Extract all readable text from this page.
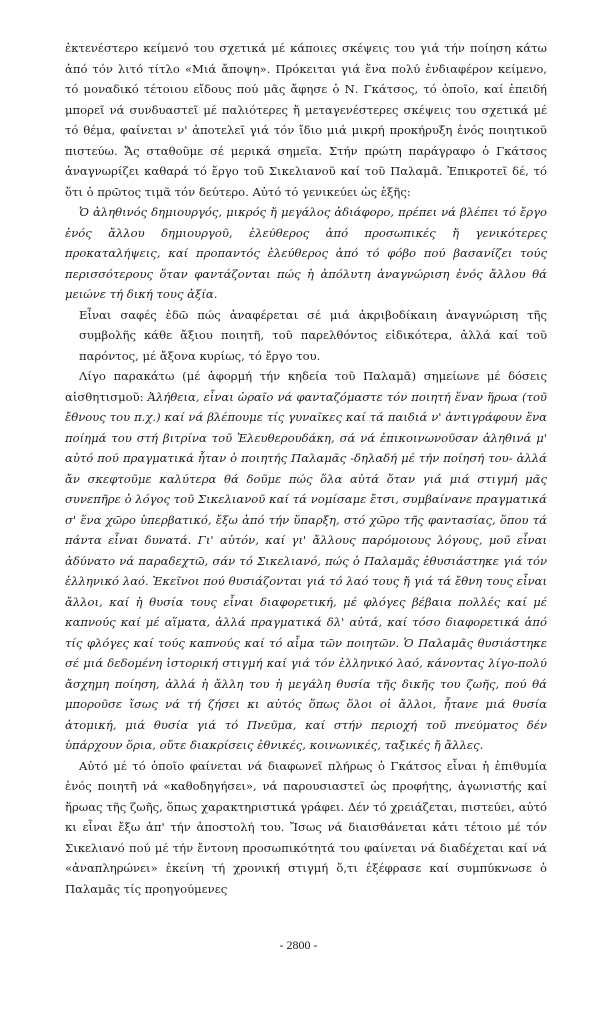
ἐκτενέστερο κείμενό του σχετικά μέ κάποιες σκέψεις του γιά τήν ποίηση κάτω ἀπό τόν λιτό τίτλο «Μιά ἄποψη». Πρόκειται γιά ἕνα πολύ ἐνδιαφέρον κείμενο, τό μοναδικό τέτοιου εἴδους πού μᾶς ἄφησε ὁ Ν. Γκάτσος, τό ὁποῖο, καί ἐπειδή μπορεῖ νά συνδυαστεῖ μέ παλιότερες ἤ μεταγενέστερες σκέψεις του σχετικά μέ τό θέμα, φαίνεται ν' ἀποτελεῖ γιά τόν ἴδιο μιά μικρή προκήρυξη ἑνός ποιητικοῦ πιστεύω. Ἄς σταθοῦμε σέ μερικά σημεῖα. Στήν πρώτη παράγραφο ὁ Γκάτσος ἀναγνωρίζει καθαρά τό ἔργο τοῦ Σικελιανοῦ καί τοῦ Παλαμᾶ. Ἐπικροτεῖ δέ, τό ὅτι ὁ πρῶτος τιμᾶ τόν δεύτερο. Αὐτό τό γενικεύει ὡς ἑξῆς:

Ὁ ἀληθινός δημιουργός, μικρός ἤ μεγάλος ἀδιάφορο, πρέπει νά βλέπει τό ἔργο ἑνός ἄλλου δημιουργοῦ, ἐλεύθερος ἀπό προσωπικές ἤ γενικότερες προκαταλήψεις, καί προπαντός ἐλεύθερος ἀπό τό φόβο πού βασανίζει τούς περισσότερους ὅταν φαντάζονται πώς ἡ ἀπόλυτη ἀναγνώριση ἑνός ἄλλου θά μειώνε τή δική τους ἀξία.

Εἶναι σαφές ἐδῶ πώς ἀναφέρεται σέ μιά ἀκριβοδίκαιη ἀναγνώριση τῆς συμβολῆς κάθε ἄξιου ποιητῆ, τοῦ παρελθόντος εἰδικότερα, ἀλλά καί τοῦ παρόντος, μέ ἄξονα κυρίως, τό ἔργο του.

Λίγο παρακάτω (μέ ἀφορμή τήν κηδεία τοῦ Παλαμᾶ) σημείωνε μέ δόσεις αἰσθητισμοῦ: Ἀλήθεια, εἶναι ὡραῖο νά φανταζόμαστε τόν ποιητή ἕναν ἥρωα (τοῦ ἔθνους του π.χ.) καί νά βλέπουμε τίς γυναῖκες καί τά παιδιά ν' ἀντιγράφουν ἕνα ποίημά του στή βιτρίνα τοῦ Ἐλευθερουδάκη, σά νά ἐπικοινωνοῦσαν ἀληθινά μ' αὐτό πού πραγματικά ἦταν ὁ ποιητής Παλαμᾶς -δηλαδή μέ τήν ποίησή του- ἀλλά ἄν σκεφτοῦμε καλύτερα θά δοῦμε πώς ὅλα αὐτά ὅταν γιά μιά στιγμή μᾶς συνεπῆρε ὁ λόγος τοῦ Σικελιανοῦ καί τά νομίσαμε ἔτσι, συμβαίνανε πραγματικά σ' ἕνα χῶρο ὑπερβατικό, ἔξω ἀπό τήν ὕπαρξη, στό χῶρο τῆς φαντασίας, ὅπου τά πάντα εἶναι δυνατά. Γι' αὐτόν, καί γι' ἄλλους παρόμοιους λόγους, μοῦ εἶναι ἀδύνατο νά παραδεχτῶ, σάν τό Σικελιανό, πώς ὁ Παλαμᾶς ἐθυσιάστηκε γιά τόν ἑλληνικό λαό. Ἐκεῖνοι πού θυσιάζονται γιά τό λαό τους ἤ γιά τά ἔθνη τους εἶναι ἄλλοι, καί ἡ θυσία τους εἶναι διαφορετική, μέ φλόγες βέβαια πολλές καί μέ καπνούς καί μέ αἵματα, ἀλλά πραγματικά δλ' αὐτά, καί τόσο διαφορετικά ἀπό τίς φλόγες καί τούς καπνούς καί τό αἷμα τῶν ποιητῶν. Ὁ Παλαμᾶς θυσιάστηκε σέ μιά δεδομένη ἱστορική στιγμή καί γιά τόν ἑλληνικό λαό, κάνοντας λίγο-πολύ ἄσχημη ποίηση, ἀλλά ἡ ἄλλη του ἡ μεγάλη θυσία τῆς δικῆς του ζωῆς, πού θά μποροῦσε ἴσως νά τή ζήσει κι αὐτός ὅπως ὅλοι οἱ ἄλλοι, ἦτανε μιά θυσία ἀτομική, μιά θυσία γιά τό Πνεῦμα, καί στήν περιοχή τοῦ πνεύματος δέν ὑπάρχουν ὅρια, οὔτε διακρίσεις ἐθνικές, κοινωνικές, ταξικές ἤ ἄλλες.

Αὐτό μέ τό ὁποῖο φαίνεται νά διαφωνεῖ πλήρως ὁ Γκάτσος εἶναι ἡ ἐπιθυμία ἑνός ποιητῆ νά «καθοδηγήσει», νά παρουσιαστεῖ ὡς προφήτης, ἀγωνιστής καί ἥρωας τῆς ζωῆς, ὅπως χαρακτηριστικά γράφει. Δέν τό χρειάζεται, πιστεύει, αὐτό κι εἶναι ἔξω ἀπ' τήν ἀποστολή του. Ἴσως νά διαισθάνεται κάτι τέτοιο μέ τόν Σικελιανό πού μέ τήν ἔντονη προσωπικότητά του φαίνεται νά διαδέχεται καί νά «ἀναπληρώνει» ἐκείνη τή χρονική στιγμή ὅ,τι ἐξέφρασε καί συμπύκνωσε ὁ Παλαμᾶς τίς προηγούμενες

- 2800 -
